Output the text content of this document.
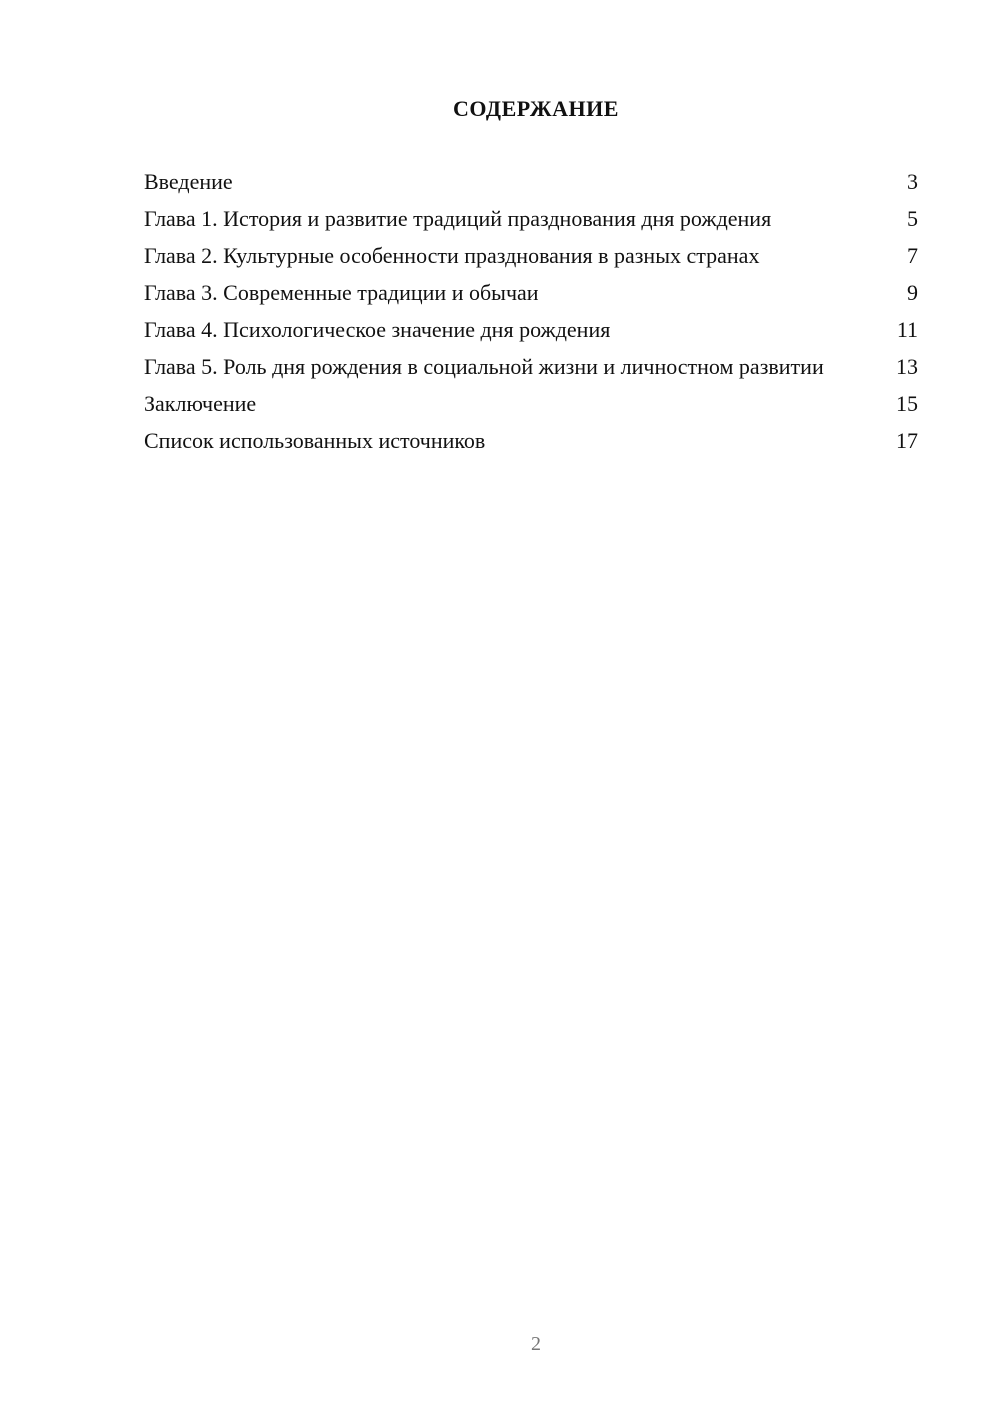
СОДЕРЖАНИЕ
Введение	3
Глава 1. История и развитие традиций празднования дня рождения	5
Глава 2. Культурные особенности празднования в разных странах	7
Глава 3. Современные традиции и обычаи	9
Глава 4. Психологическое значение дня рождения	11
Глава 5. Роль дня рождения в социальной жизни и личностном развитии	13
Заключение	15
Список использованных источников	17
2
